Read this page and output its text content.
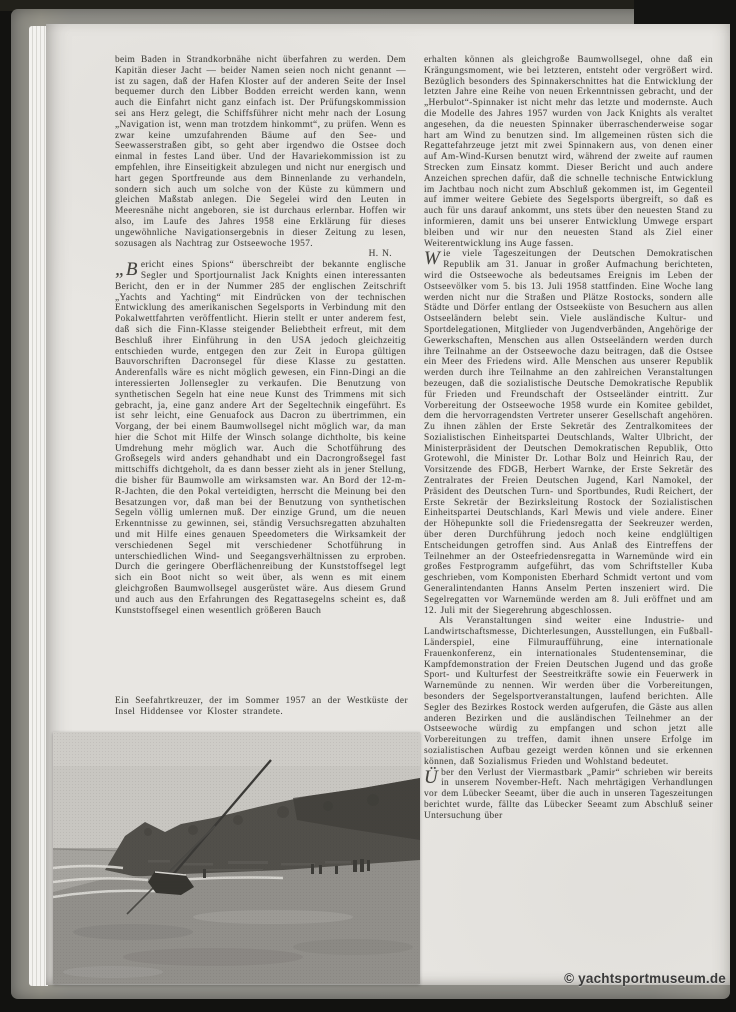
beim Baden in Strandkorbnähe nicht überfahren zu werden. Dem Kapitän dieser Jacht — beider Namen seien noch nicht genannt — ist zu sagen, daß der Hafen Kloster auf der anderen Seite der Insel bequemer durch den Libber Bodden erreicht werden kann, wenn auch die Einfahrt nicht ganz einfach ist. Der Prüfungskommission sei ans Herz gelegt, die Schiffsführer nicht mehr nach der Losung „Navigation ist, wenn man trotzdem hinkommt“, zu prüfen. Wenn es zwar keine umzufahrenden Bäume auf den See- und Seewasserstraßen gibt, so geht aber irgendwo die Ostsee doch einmal in festes Land über. Und der Havariekommission ist zu empfehlen, ihre Einseitigkeit abzulegen und nicht nur energisch und hart gegen Sportfreunde aus dem Binnenlande zu verhandeln, sondern sich auch um solche von der Küste zu kümmern und gleichen Maßstab anlegen. Die Segelei wird den Leuten in Meeresnähe nicht angeboren, sie ist durchaus erlernbar. Hoffen wir also, im Laufe des Jahres 1958 eine Erklärung für dieses ungewöhnliche Navigationsergebnis in dieser Zeitung zu lesen, sozusagen als Nachtrag zur Ostseewoche 1957.

H. N.

„Bericht eines Spions“ überschreibt der bekannte englische Segler und Sportjournalist Jack Knights einen interessanten Bericht, den er in der Nummer 285 der englischen Zeitschrift „Yachts and Yachting“ mit Eindrücken von der technischen Entwicklung des amerikanischen Segelsports in Verbindung mit den Pokalwettfahrten veröffentlicht. Hierin stellt er unter anderem fest, daß sich die Finn-Klasse steigender Beliebtheit erfreut, mit dem Beschluß ihrer Einführung in den USA jedoch gleichzeitig entschieden wurde, entgegen den zur Zeit in Europa gültigen Bauvorschriften Dacronsegel für diese Klasse zu gestatten. Anderenfalls wäre es nicht möglich gewesen, ein Finn-Dingi an die interessierten Jollensegler zu verkaufen. Die Benutzung von synthetischen Segeln hat eine neue Kunst des Trimmens mit sich gebracht, ja, eine ganz andere Art der Segeltechnik eingeführt. Es ist sehr leicht, eine Genuafock aus Dacron zu übertrimmen, ein Vorgang, der bei einem Baumwollsegel nicht möglich war, da man hier die Schot mit Hilfe der Winsch solange dichtholte, bis keine Umdrehung mehr möglich war. Auch die Schotführung des Großsegels wird anders gehandhabt und ein Dacrongroßsegel fast mittschiffs dichtgeholt, da es dann besser zieht als in jener Stellung, die bisher für Baumwolle am wirksamsten war. An Bord der 12-m-R-Jachten, die den Pokal verteidigten, herrscht die Meinung bei den Besatzungen vor, daß man bei der Benutzung von synthetischen Segeln völlig umlernen muß. Der einzige Grund, um die neuen Erkenntnisse zu gewinnen, sei, ständig Versuchsregatten abzuhalten und mit Hilfe eines genauen Speedometers die Wirksamkeit der verschiedenen Segel mit verschiedener Schotführung in unterschiedlichen Wind- und Seegangsverhältnissen zu erproben. Durch die geringere Oberflächenreibung der Kunststoffsegel legt sich ein Boot nicht so weit über, als wenn es mit einem gleichgroßen Baumwollsegel ausgerüstet wäre. Aus diesem Grund und auch aus den Erfahrungen des Regattasegelns scheint es, daß Kunststoffsegel einen wesentlich größeren Bauch

Ein Seefahrtkreuzer, der im Sommer 1957 an der Westküste der Insel Hiddensee vor Kloster strandete.

erhalten können als gleichgroße Baumwollsegel, ohne daß ein Krängungsmoment, wie bei letzteren, entsteht oder vergrößert wird. Bezüglich besonders des Spinnakerschnittes hat die Entwicklung der letzten Jahre eine Reihe von neuen Erkenntnissen gebracht, und der „Herbulot“-Spinnaker ist nicht mehr das letzte und modernste. Auch die Modelle des Jahres 1957 wurden von Jack Knights als veraltet angesehen, da die neuesten Spinnaker überraschenderweise sogar hart am Wind zu benutzen sind. Im allgemeinen rüsten sich die Regattefahrzeuge jetzt mit zwei Spinnakern aus, von denen einer auf Am-Wind-Kursen benutzt wird, während der zweite auf raumen Strecken zum Einsatz kommt. Dieser Bericht und auch andere Anzeichen sprechen dafür, daß die schnelle technische Entwicklung im Jachtbau noch nicht zum Abschluß gekommen ist, im Gegenteil auf immer weitere Gebiete des Segelsports übergreift, so daß es auch für uns darauf ankommt, uns stets über den neuesten Stand zu informieren, damit uns bei unserer Entwicklung Umwege erspart bleiben und wir nur den neuesten Stand als Ziel einer Weiterentwicklung ins Auge fassen.

Wie viele Tageszeitungen der Deutschen Demokratischen Republik am 31. Januar in großer Aufmachung berichteten, wird die Ostseewoche als bedeutsames Ereignis im Leben der Ostseevölker vom 5. bis 13. Juli 1958 stattfinden. Eine Woche lang werden nicht nur die Straßen und Plätze Rostocks, sondern alle Städte und Dörfer entlang der Ostseeküste von Besuchern aus allen Ostseeländern belebt sein. Viele ausländische Kultur- und Sportdelegationen, Mitglieder von Jugendverbänden, Angehörige der Gewerkschaften, Menschen aus allen Ostseeländern werden durch ihre Teilnahme an der Ostseewoche dazu beitragen, daß die Ostsee ein Meer des Friedens wird. Alle Menschen aus unserer Republik werden durch ihre Teilnahme an den zahlreichen Veranstaltungen bezeugen, daß die sozialistische Deutsche Demokratische Republik für Frieden und Freundschaft der Ostseeländer eintritt. Zur Vorbereitung der Ostseewoche 1958 wurde ein Komitee gebildet, dem die hervorragendsten Vertreter unserer Gesellschaft angehören. Zu ihnen zählen der Erste Sekretär des Zentralkomitees der Sozialistischen Einheitspartei Deutschlands, Walter Ulbricht, der Ministerpräsident der Deutschen Demokratischen Republik, Otto Grotewohl, die Minister Dr. Lothar Bolz und Heinrich Rau, der Vorsitzende des FDGB, Herbert Warnke, der Erste Sekretär des Zentralrates der Freien Deutschen Jugend, Karl Namokel, der Präsident des Deutschen Turn- und Sportbundes, Rudi Reichert, der Erste Sekretär der Bezirksleitung Rostock der Sozialistischen Einheitspartei Deutschlands, Karl Mewis und viele andere. Einer der Höhepunkte soll die Friedensregatta der Seekreuzer werden, über deren Durchführung jedoch noch keine endglültigen Entscheidungen getroffen sind. Aus Anlaß des Eintreffens der Teilnehmer an der Osteefriedensregatta in Warnemünde wird ein großes Festprogramm aufgeführt, das vom Schriftsteller Kuba geschrieben, vom Komponisten Eberhard Schmidt vertont und vom Generalintendanten Hanns Anselm Perten inszeniert wird. Die Segelregatten vor Warnemünde werden am 8. Juli eröffnet und am 12. Juli mit der Siegerehrung abgeschlossen.

Als Veranstaltungen sind weiter eine Industrie- und Landwirtschaftsmesse, Dichterlesungen, Ausstellungen, ein Fußball-Länderspiel, eine Filmuraufführung, eine internationale Frauenkonferenz, ein internationales Studentenseminar, die Kampfdemonstration der Freien Deutschen Jugend und das große Sport- und Kulturfest der Seestreitkräfte sowie ein Feuerwerk in Warnemünde zu nennen. Wir werden über die Vorbereitungen, besonders der Segelsportveranstaltungen, laufend berichten. Alle Segler des Bezirkes Rostock werden aufgerufen, die Gäste aus allen anderen Bezirken und die ausländischen Teilnehmer an der Ostseewoche würdig zu empfangen und schon jetzt alle Vorbereitungen zu treffen, damit ihnen unsere Erfolge im sozialistischen Aufbau gezeigt werden können und sie erkennen können, daß Sozialismus Frieden und Wohlstand bedeutet.

Über den Verlust der Viermastbark „Pamir“ schrieben wir bereits in unserem November-Heft. Nach mehrtägigen Verhandlungen vor dem Lübecker Seeamt, über die auch in unseren Tageszeitungen berichtet wurde, fällte das Lübecker Seeamt zum Abschluß seiner Untersuchung über

© yachtsportmuseum.de
